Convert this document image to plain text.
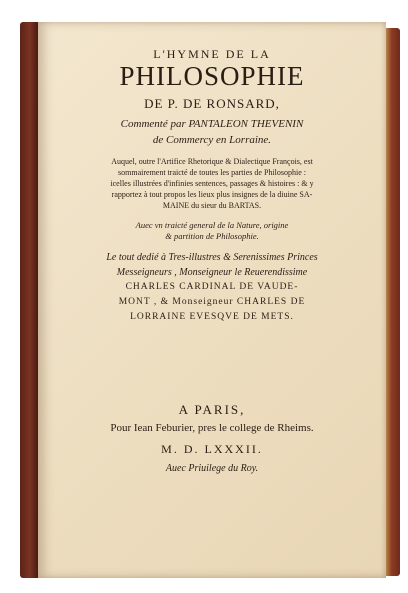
L'HYMNE DE LA
PHILOSOPHIE
DE P. DE RONSARD,
Commenté par PANTALEON THEVENIN
de Commercy en Lorraine.
Auquel, outre l'Artifice Rhetorique & Dialectique François, est
sommairement traicté de toutes les parties de Philosophie :
icelles illustrées d'infinies sentences, passages & histoires : & y
rapportez à tout propos les lieux plus insignes de la diuine SA-
MAINE du sieur du BARTAS.
Auec vn traicté general de la Nature, origine
& partition de Philosophie.
Le tout dedié à Tres-illustres & Serenissimes Princes
Messeigneurs , Monseigneur le Reuerendissime
CHARLES CARDINAL DE VAUDE-
MONT , & Monseigneur CHARLES DE
LORRAINE EVESQVE DE METS.
A PARIS,
Pour Iean Feburier, pres le college de Rheims.
M. D. LXXXII.
Auec Priuilege du Roy.
